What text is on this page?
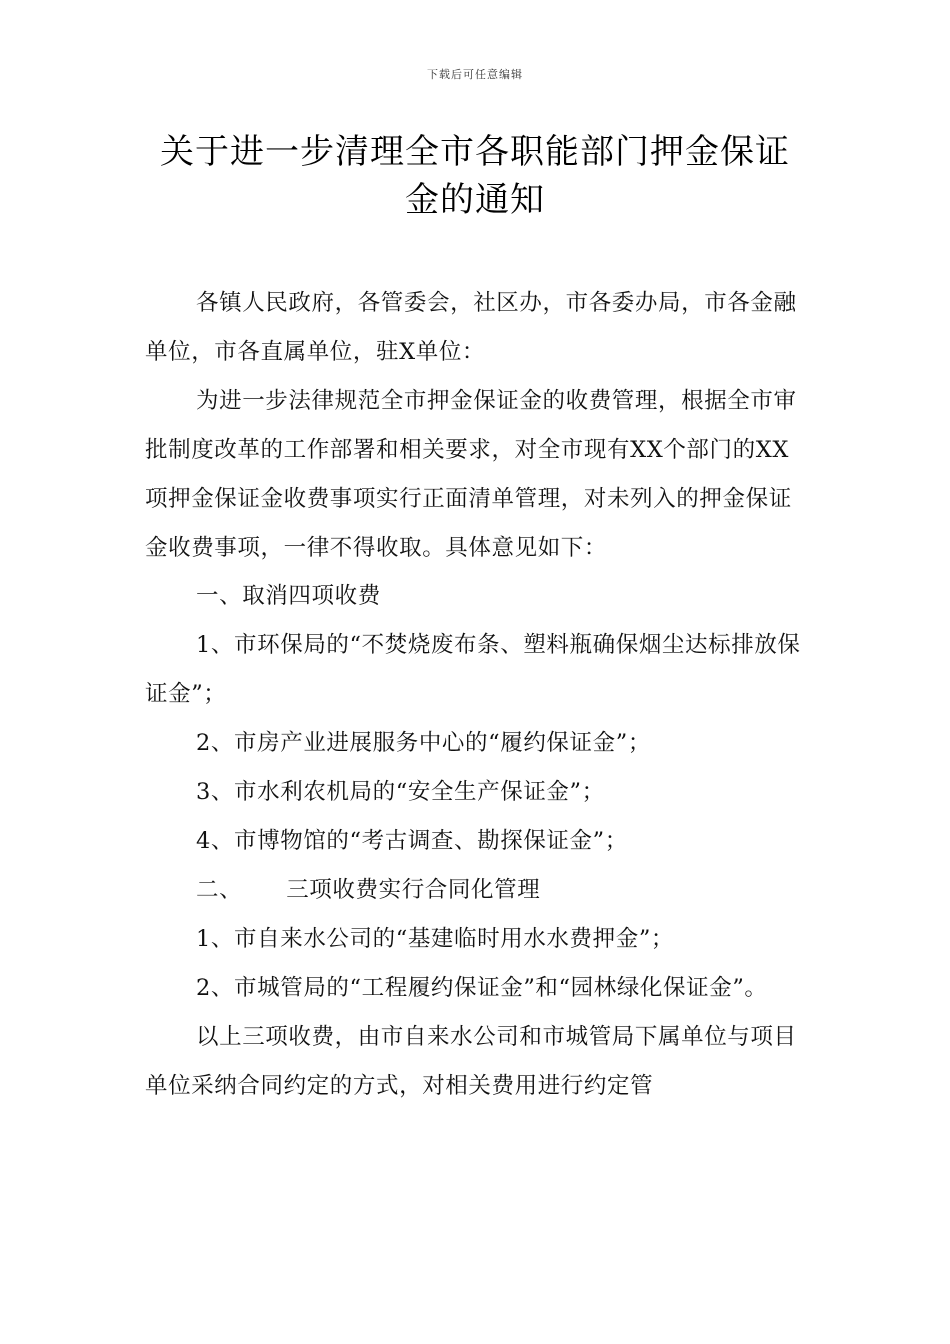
下载后可任意编辑
关于进一步清理全市各职能部门押金保证
金的通知

各镇人民政府，各管委会，社区办，市各委办局，市各金融单位，市各直属单位，驻X单位：

为进一步法律规范全市押金保证金的收费管理，根据全市审批制度改革的工作部署和相关要求，对全市现有XX个部门的XX项押金保证金收费事项实行正面清单管理，对未列入的押金保证金收费事项，一律不得收取。具体意见如下：

一、取消四项收费

1、市环保局的“不焚烧废布条、塑料瓶确保烟尘达标排放保证金”；

2、市房产业进展服务中心的“履约保证金”；

3、市水利农机局的“安全生产保证金”；

4、市博物馆的“考古调查、勘探保证金”；

二、 三项收费实行合同化管理

1、市自来水公司的“基建临时用水水费押金”；

2、市城管局的“工程履约保证金”和“园林绿化保证金”。

以上三项收费，由市自来水公司和市城管局下属单位与项目单位采纳合同约定的方式，对相关费用进行约定管
